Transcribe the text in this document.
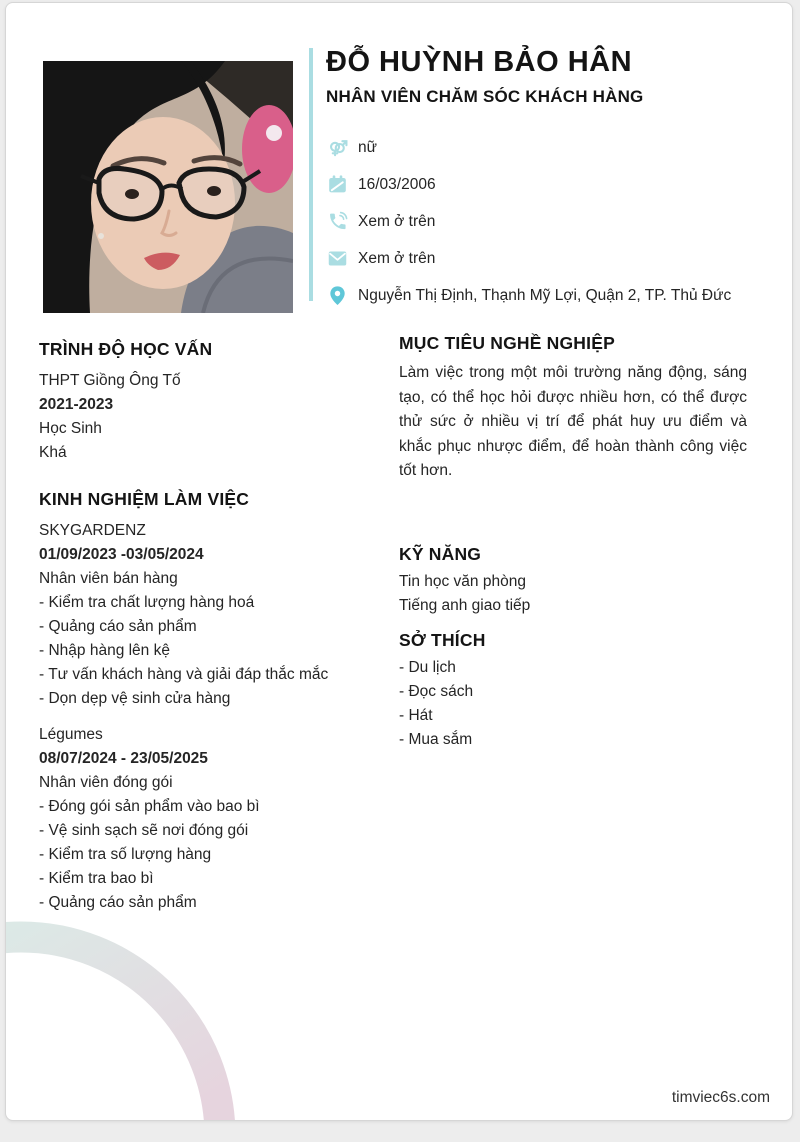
ĐỖ HUỲNH BẢO HÂN
NHÂN VIÊN CHĂM SÓC KHÁCH HÀNG
nữ
16/03/2006
Xem ở trên
Xem ở trên
Nguyễn Thị Định, Thạnh Mỹ Lợi, Quận 2, TP. Thủ Đức
TRÌNH ĐỘ HỌC VẤN
THPT Giồng Ông Tố
2021-2023
Học Sinh
Khá
KINH NGHIỆM LÀM VIỆC
SKYGARDENZ
01/09/2023 -03/05/2024
Nhân viên bán hàng
- Kiểm tra chất lượng hàng hoá
- Quảng cáo sản phẩm
- Nhập hàng lên kệ
- Tư vấn khách hàng và giải đáp thắc mắc
- Dọn dẹp vệ sinh cửa hàng
Légumes
08/07/2024 - 23/05/2025
Nhân viên đóng gói
- Đóng gói sản phẩm vào bao bì
- Vệ sinh sạch sẽ nơi đóng gói
- Kiểm tra số lượng hàng
- Kiểm tra bao bì
- Quảng cáo sản phẩm
MỤC TIÊU NGHỀ NGHIỆP
Làm việc trong một môi trường năng động, sáng tạo, có thể học hỏi được nhiều hơn, có thể được thử sức ở nhiều vị trí để phát huy ưu điểm và khắc phục nhược điểm, để hoàn thành công việc tốt hơn.
KỸ NĂNG
Tin học văn phòng
Tiếng anh giao tiếp
SỞ THÍCH
- Du lịch
- Đọc sách
- Hát
- Mua sắm
timviec6s.com
